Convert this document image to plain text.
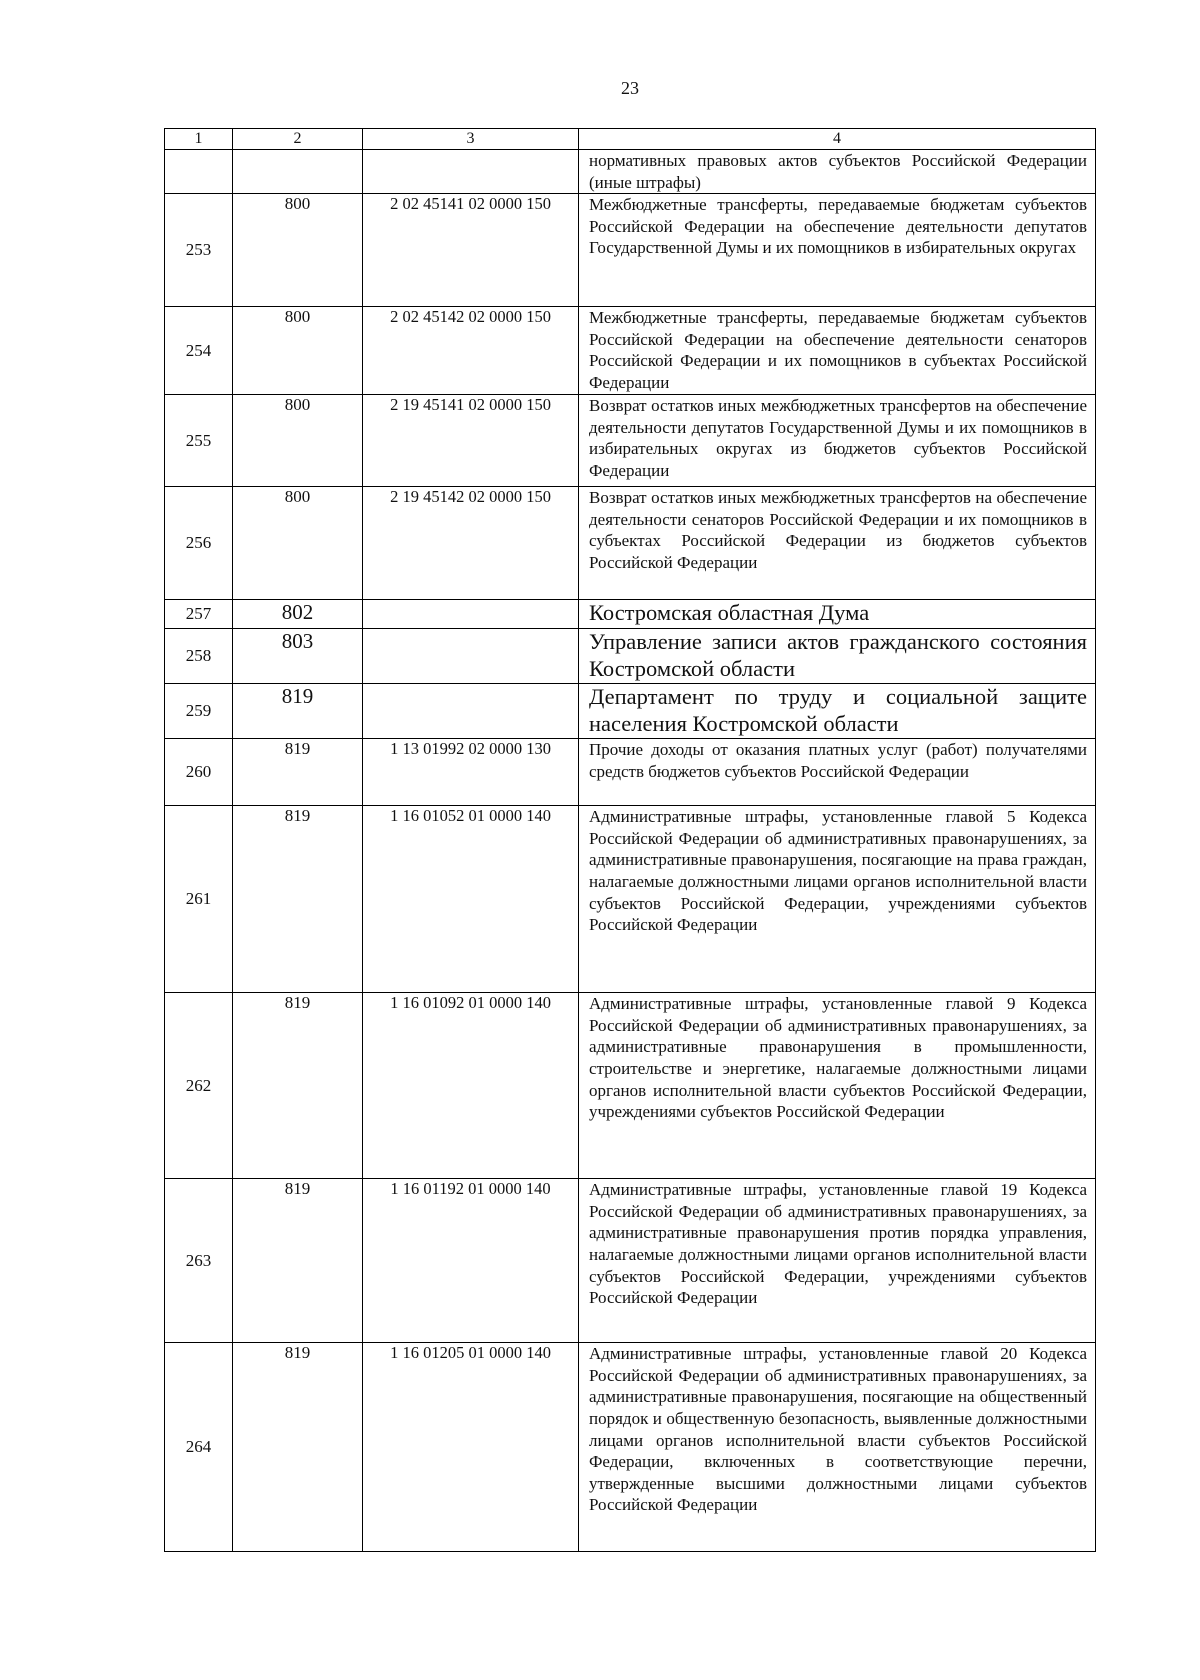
23
1	2	3	4

			нормативных правовых актов субъектов Российской Федерации (иные штрафы)

253	800	2 02 45141 02 0000 150	Межбюджетные трансферты, передаваемые бюджетам субъектов Российской Федерации на обеспечение деятельности депутатов Государственной Думы и их помощников в избирательных округах

254	800	2 02 45142 02 0000 150	Межбюджетные трансферты, передаваемые бюджетам субъектов Российской Федерации на обеспечение деятельности сенаторов Российской Федерации и их помощников в субъектах Российской Федерации

255	800	2 19 45141 02 0000 150	Возврат остатков иных межбюджетных трансфертов на обеспечение деятельности депутатов Государственной Думы и их помощников в избирательных округах из бюджетов субъектов Российской Федерации

256	800	2 19 45142 02 0000 150	Возврат остатков иных межбюджетных трансфертов на обеспечение деятельности сенаторов Российской Федерации и их помощников в субъектах Российской Федерации из бюджетов субъектов Российской Федерации

257	802		Костромская областная Дума

258	803		Управление записи актов гражданского состояния Костромской области

259	819		Департамент по труду и социальной защите населения Костромской области

260	819	1 13 01992 02 0000 130	Прочие доходы от оказания платных услуг (работ) получателями средств бюджетов субъектов Российской Федерации

261	819	1 16 01052 01 0000 140	Административные штрафы, установленные главой 5 Кодекса Российской Федерации об административных правонарушениях, за административные правонарушения, посягающие на права граждан, налагаемые должностными лицами органов исполнительной власти субъектов Российской Федерации, учреждениями субъектов Российской Федерации

262	819	1 16 01092 01 0000 140	Административные штрафы, установленные главой 9 Кодекса Российской Федерации об административных правонарушениях, за административные правонарушения в промышленности, строительстве и энергетике, налагаемые должностными лицами органов исполнительной власти субъектов Российской Федерации, учреждениями субъектов Российской Федерации

263	819	1 16 01192 01 0000 140	Административные штрафы, установленные главой 19 Кодекса Российской Федерации об административных правонарушениях, за административные правонарушения против порядка управления, налагаемые должностными лицами органов исполнительной власти субъектов Российской Федерации, учреждениями субъектов Российской Федерации

264	819	1 16 01205 01 0000 140	Административные штрафы, установленные главой 20 Кодекса Российской Федерации об административных правонарушениях, за административные правонарушения, посягающие на общественный порядок и общественную безопасность, выявленные должностными лицами органов исполнительной власти субъектов Российской Федерации, включенных в соответствующие перечни, утвержденные высшими должностными лицами субъектов Российской Федерации
